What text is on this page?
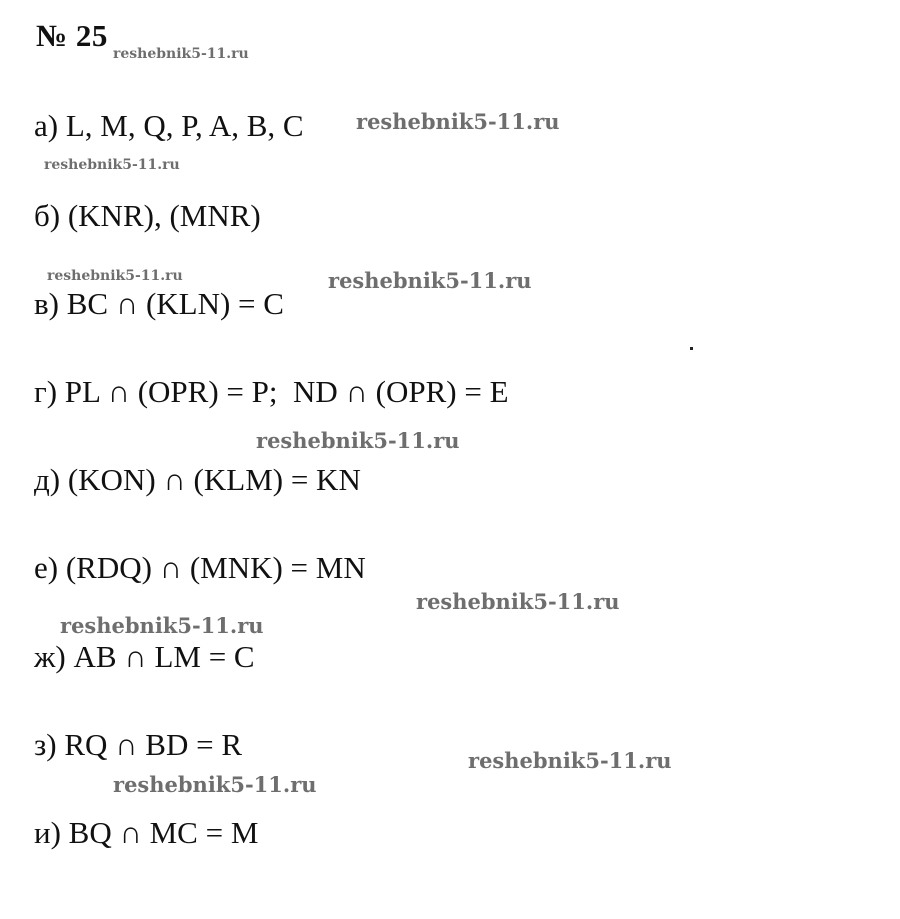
№ 25
а) L, M, Q, P, A, B, C
б) (KNR), (MNR)
в) BC ∩ (KLN) = C
г) PL ∩ (OPR) = P;  ND ∩ (OPR) = E
д) (KON) ∩ (KLM) = KN
е) (RDQ) ∩ (MNK) = MN
ж) AB ∩ LM = C
з) RQ ∩ BD = R
и) BQ ∩ MC = M
reshebnik5-11.ru
reshebnik5-11.ru
reshebnik5-11.ru
reshebnik5-11.ru	reshebnik5-11.ru
reshebnik5-11.ru
reshebnik5-11.ru
reshebnik5-11.ru
reshebnik5-11.ru
reshebnik5-11.ru
